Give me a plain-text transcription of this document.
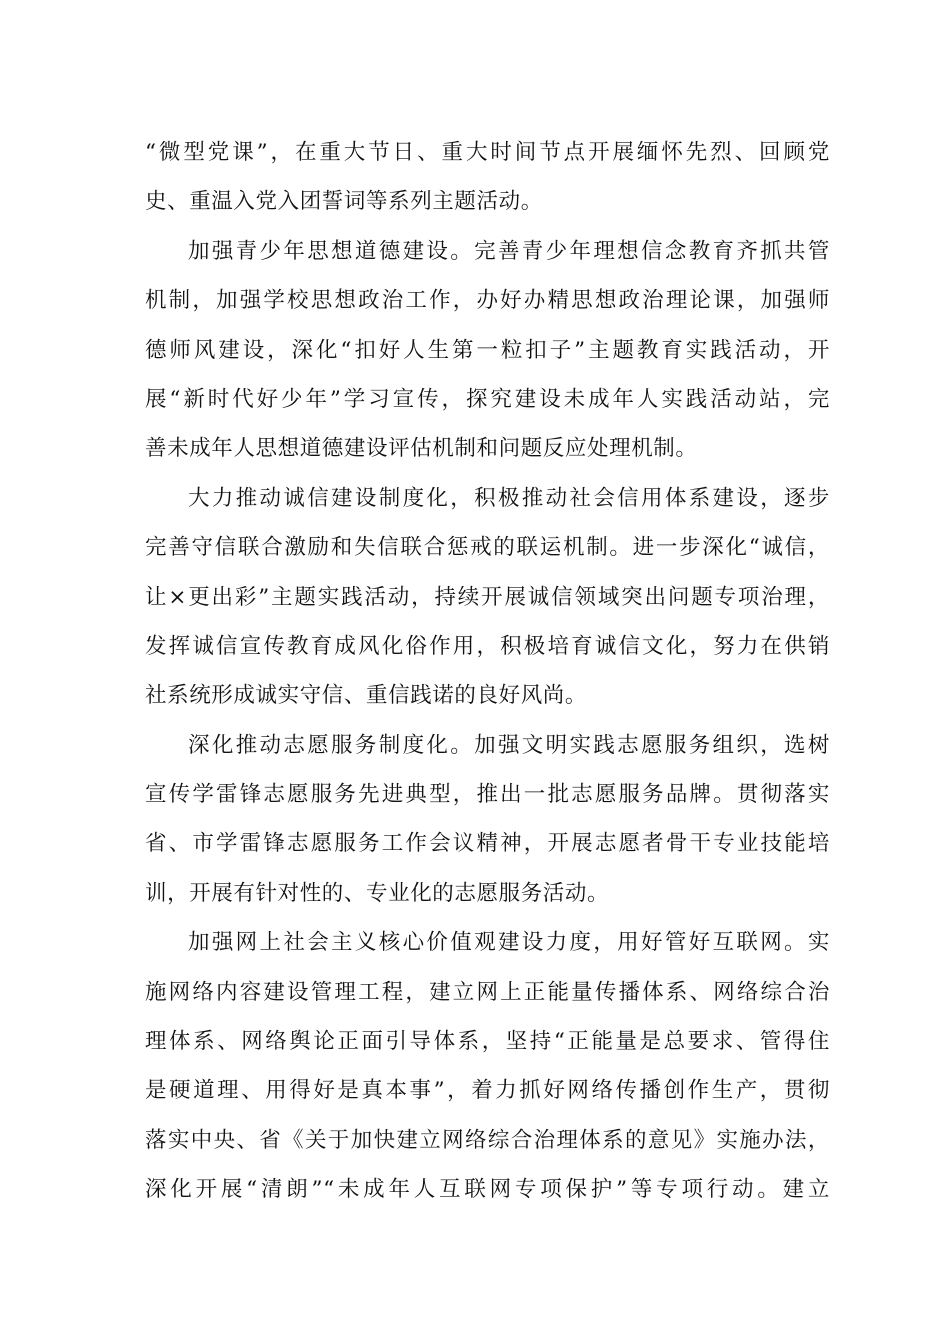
“微型党课”，在重大节日、重大时间节点开展缅怀先烈、回顾党
史、重温入党入团誓词等系列主题活动。
加强青少年思想道德建设。完善青少年理想信念教育齐抓共管
机制，加强学校思想政治工作，办好办精思想政治理论课，加强师
德师风建设，深化“扣好人生第一粒扣子”主题教育实践活动，开
展“新时代好少年”学习宣传，探究建设未成年人实践活动站，完
善未成年人思想道德建设评估机制和问题反应处理机制。
大力推动诚信建设制度化，积极推动社会信用体系建设，逐步
完善守信联合激励和失信联合惩戒的联运机制。进一步深化“诚信，
让×更出彩”主题实践活动，持续开展诚信领域突出问题专项治理，
发挥诚信宣传教育成风化俗作用，积极培育诚信文化，努力在供销
社系统形成诚实守信、重信践诺的良好风尚。
深化推动志愿服务制度化。加强文明实践志愿服务组织，选树
宣传学雷锋志愿服务先进典型，推出一批志愿服务品牌。贯彻落实
省、市学雷锋志愿服务工作会议精神，开展志愿者骨干专业技能培
训，开展有针对性的、专业化的志愿服务活动。
加强网上社会主义核心价值观建设力度，用好管好互联网。实
施网络内容建设管理工程，建立网上正能量传播体系、网络综合治
理体系、网络舆论正面引导体系，坚持“正能量是总要求、管得住
是硬道理、用得好是真本事”，着力抓好网络传播创作生产，贯彻
落实中央、省《关于加快建立网络综合治理体系的意见》实施办法，
深化开展“清朗”“未成年人互联网专项保护”等专项行动。建立
